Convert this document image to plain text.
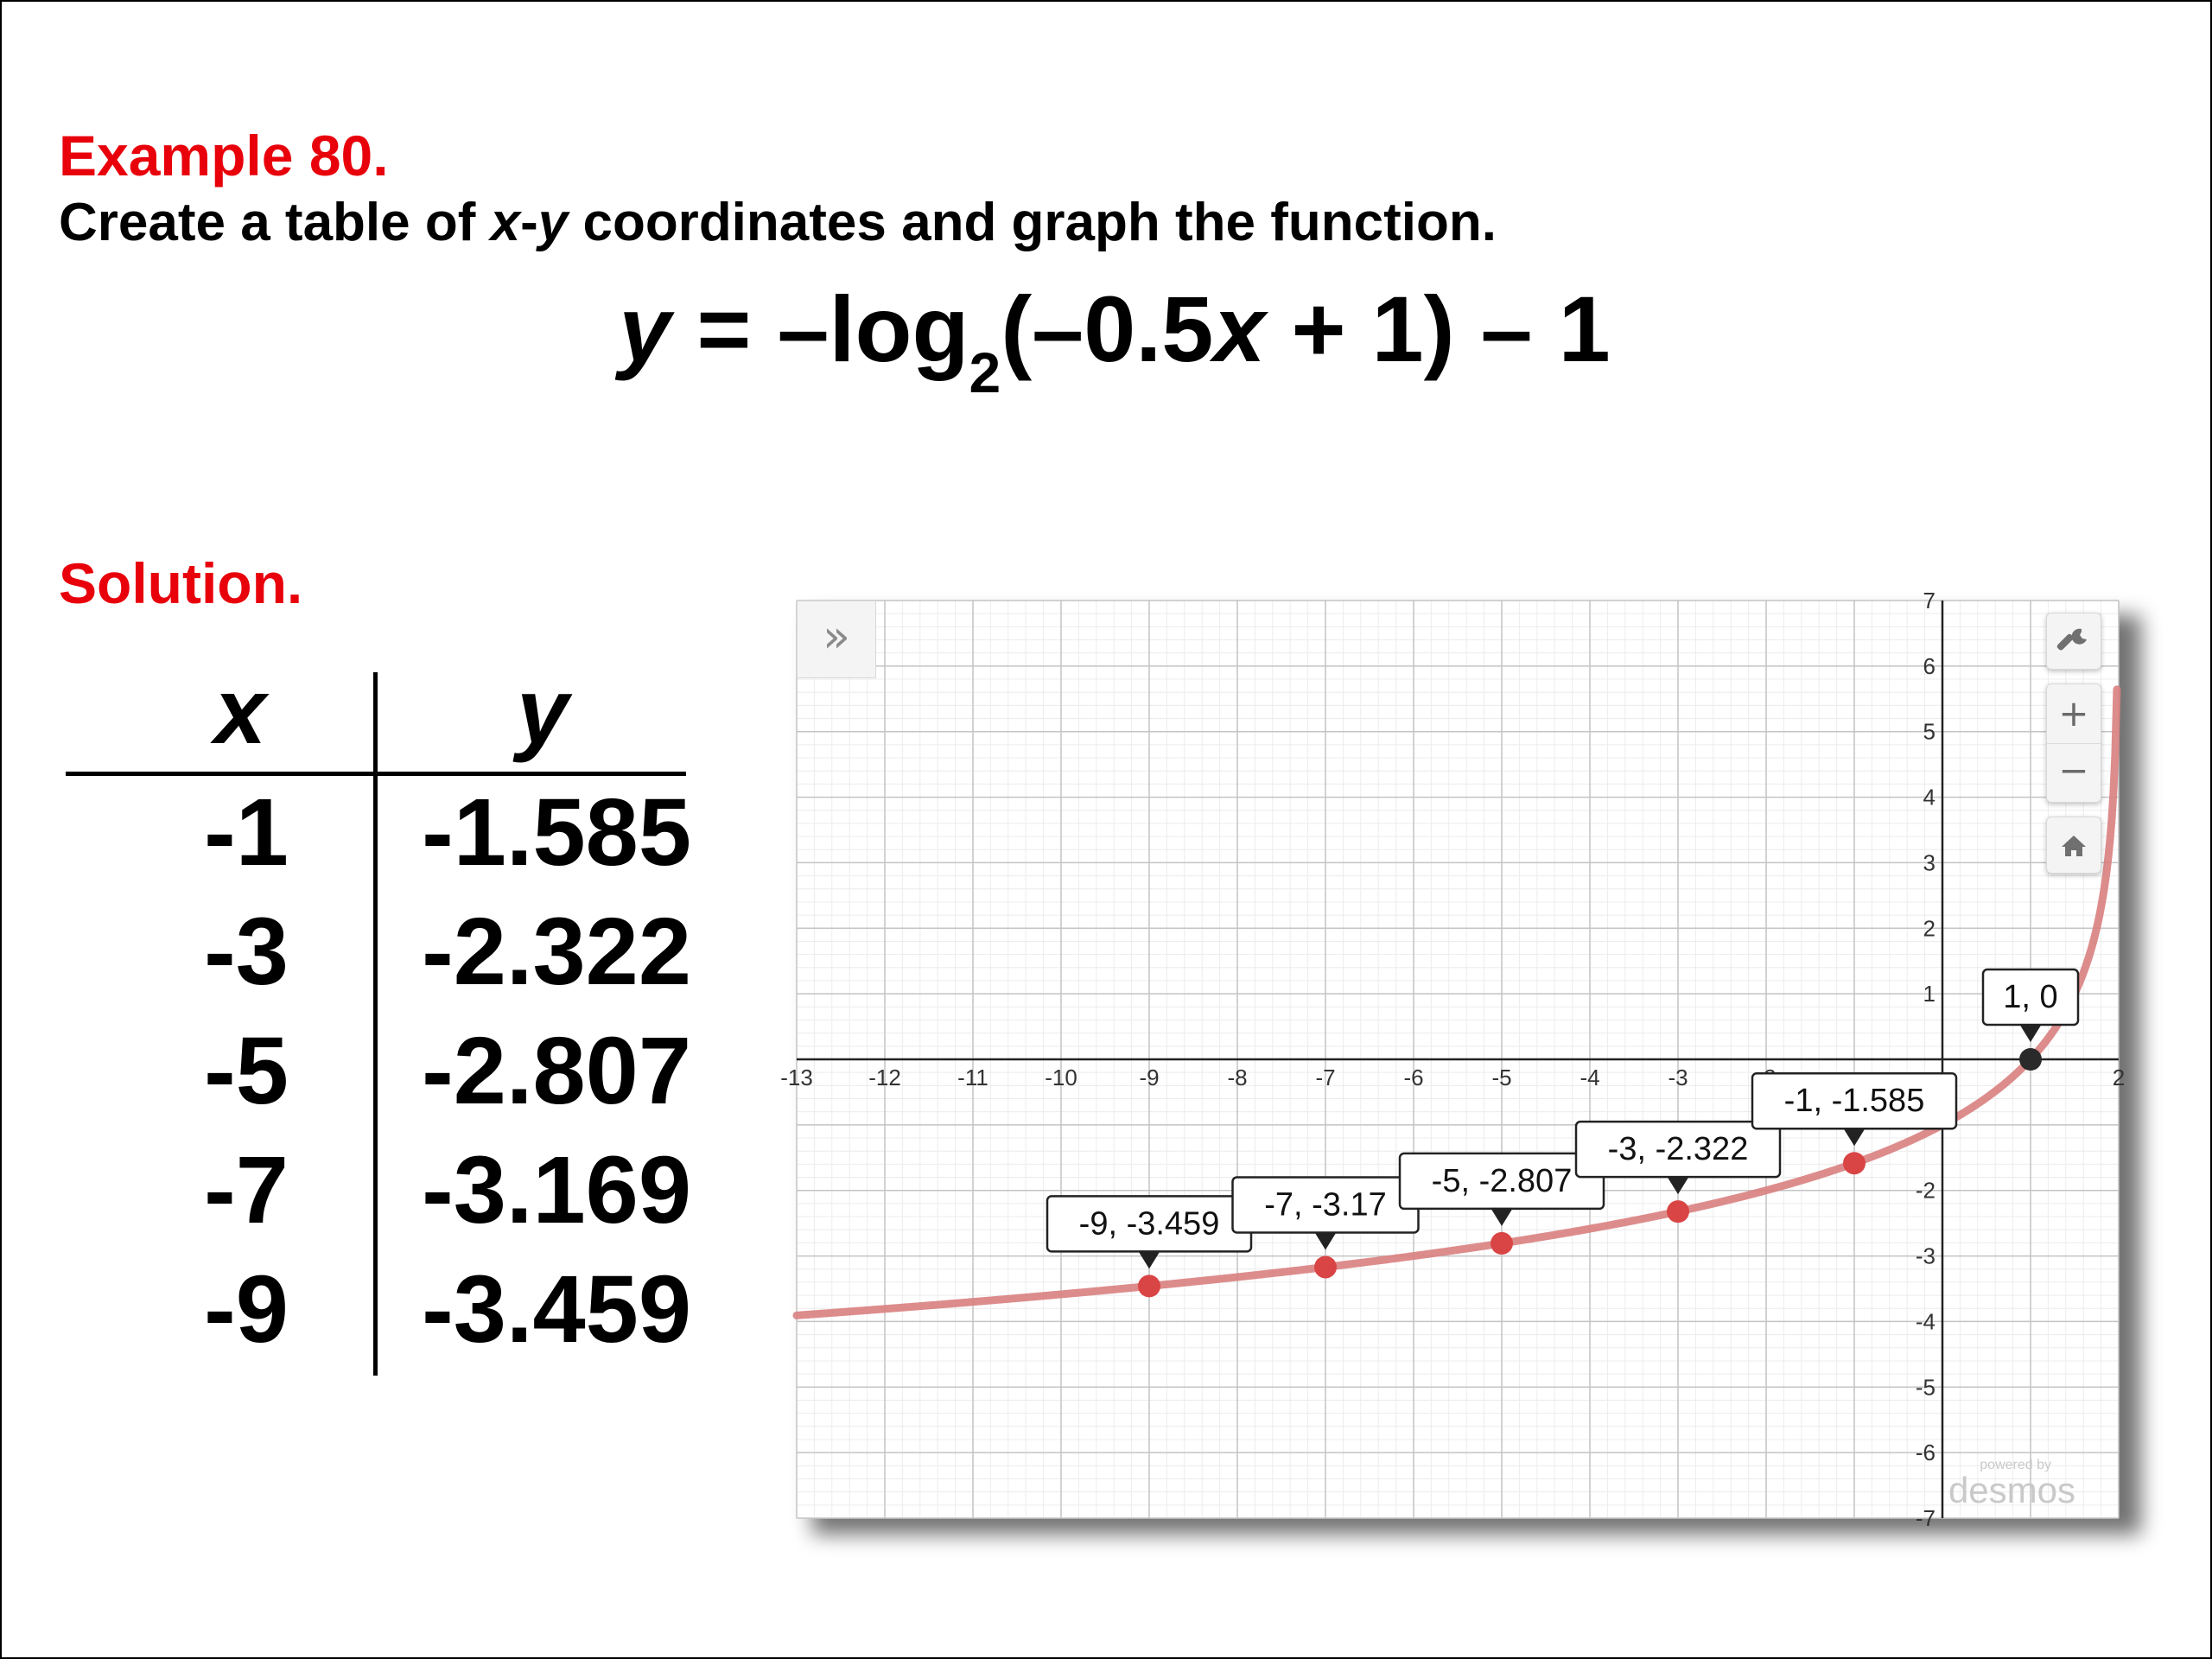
Example 80.
Create a table of x-y coordinates and graph the function.
$y = -\log_2(-0.5x + 1) - 1$
Solution.
x	y
-1	-1.585
-3	-2.322
-5	-2.807
-7	-3.169
-9	-3.459
-13 -12	-11	-10	-9	-8	-7	-6	-5	-4	-3	2
-7
-6
-5
-4
-3
-2
1
2
3
4
5
6
7
-9, -3.459
-7, -3.17
-5, -2.807
-3, -2.322
-1, -1.585
1, 0
»
+
−
powered by
desmos
